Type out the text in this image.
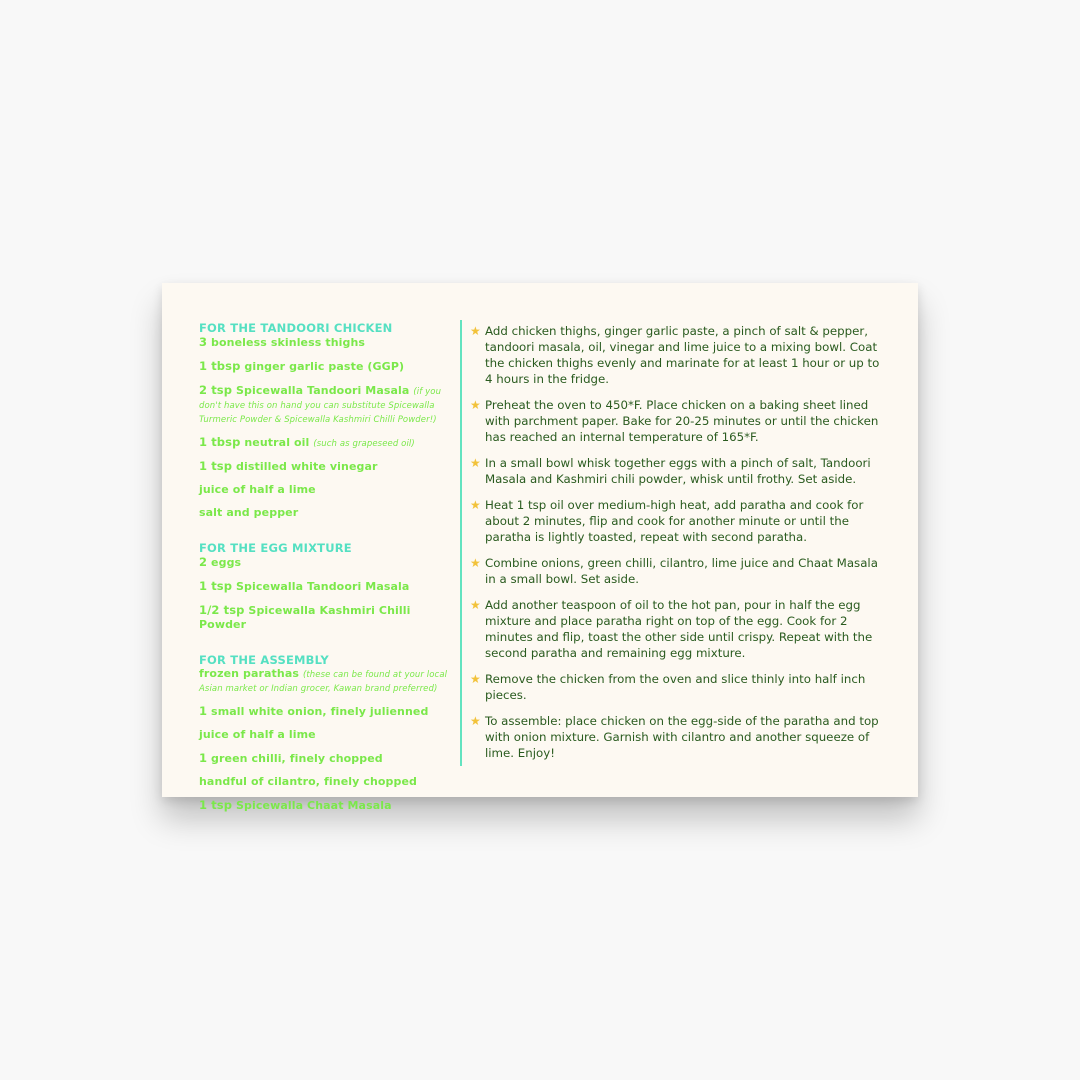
FOR THE TANDOORI CHICKEN
3 boneless skinless thighs
1 tbsp ginger garlic paste (GGP)
2 tsp Spicewalla Tandoori Masala (if you don't have this on hand you can substitute Spicewalla Turmeric Powder & Spicewalla Kashmiri Chilli Powder!)
1 tbsp neutral oil (such as grapeseed oil)
1 tsp distilled white vinegar
juice of half a lime
salt and pepper
FOR THE EGG MIXTURE
2 eggs
1 tsp Spicewalla Tandoori Masala
1/2 tsp Spicewalla Kashmiri Chilli Powder
FOR THE ASSEMBLY
frozen parathas (these can be found at your local Asian market or Indian grocer, Kawan brand preferred)
1 small white onion, finely julienned
juice of half a lime
1 green chilli, finely chopped
handful of cilantro, finely chopped
1 tsp Spicewalla Chaat Masala
★ Add chicken thighs, ginger garlic paste, a pinch of salt & pepper, tandoori masala, oil, vinegar and lime juice to a mixing bowl. Coat the chicken thighs evenly and marinate for at least 1 hour or up to 4 hours in the fridge.
★ Preheat the oven to 450*F. Place chicken on a baking sheet lined with parchment paper. Bake for 20-25 minutes or until the chicken has reached an internal temperature of 165*F.
★ In a small bowl whisk together eggs with a pinch of salt, Tandoori Masala and Kashmiri chili powder, whisk until frothy. Set aside.
★ Heat 1 tsp oil over medium-high heat, add paratha and cook for about 2 minutes, flip and cook for another minute or until the paratha is lightly toasted, repeat with second paratha.
★ Combine onions, green chilli, cilantro, lime juice and Chaat Masala in a small bowl. Set aside.
★ Add another teaspoon of oil to the hot pan, pour in half the egg mixture and place paratha right on top of the egg. Cook for 2 minutes and flip, toast the other side until crispy. Repeat with the second paratha and remaining egg mixture.
★ Remove the chicken from the oven and slice thinly into half inch pieces.
★ To assemble: place chicken on the egg-side of the paratha and top with onion mixture. Garnish with cilantro and another squeeze of lime. Enjoy!
